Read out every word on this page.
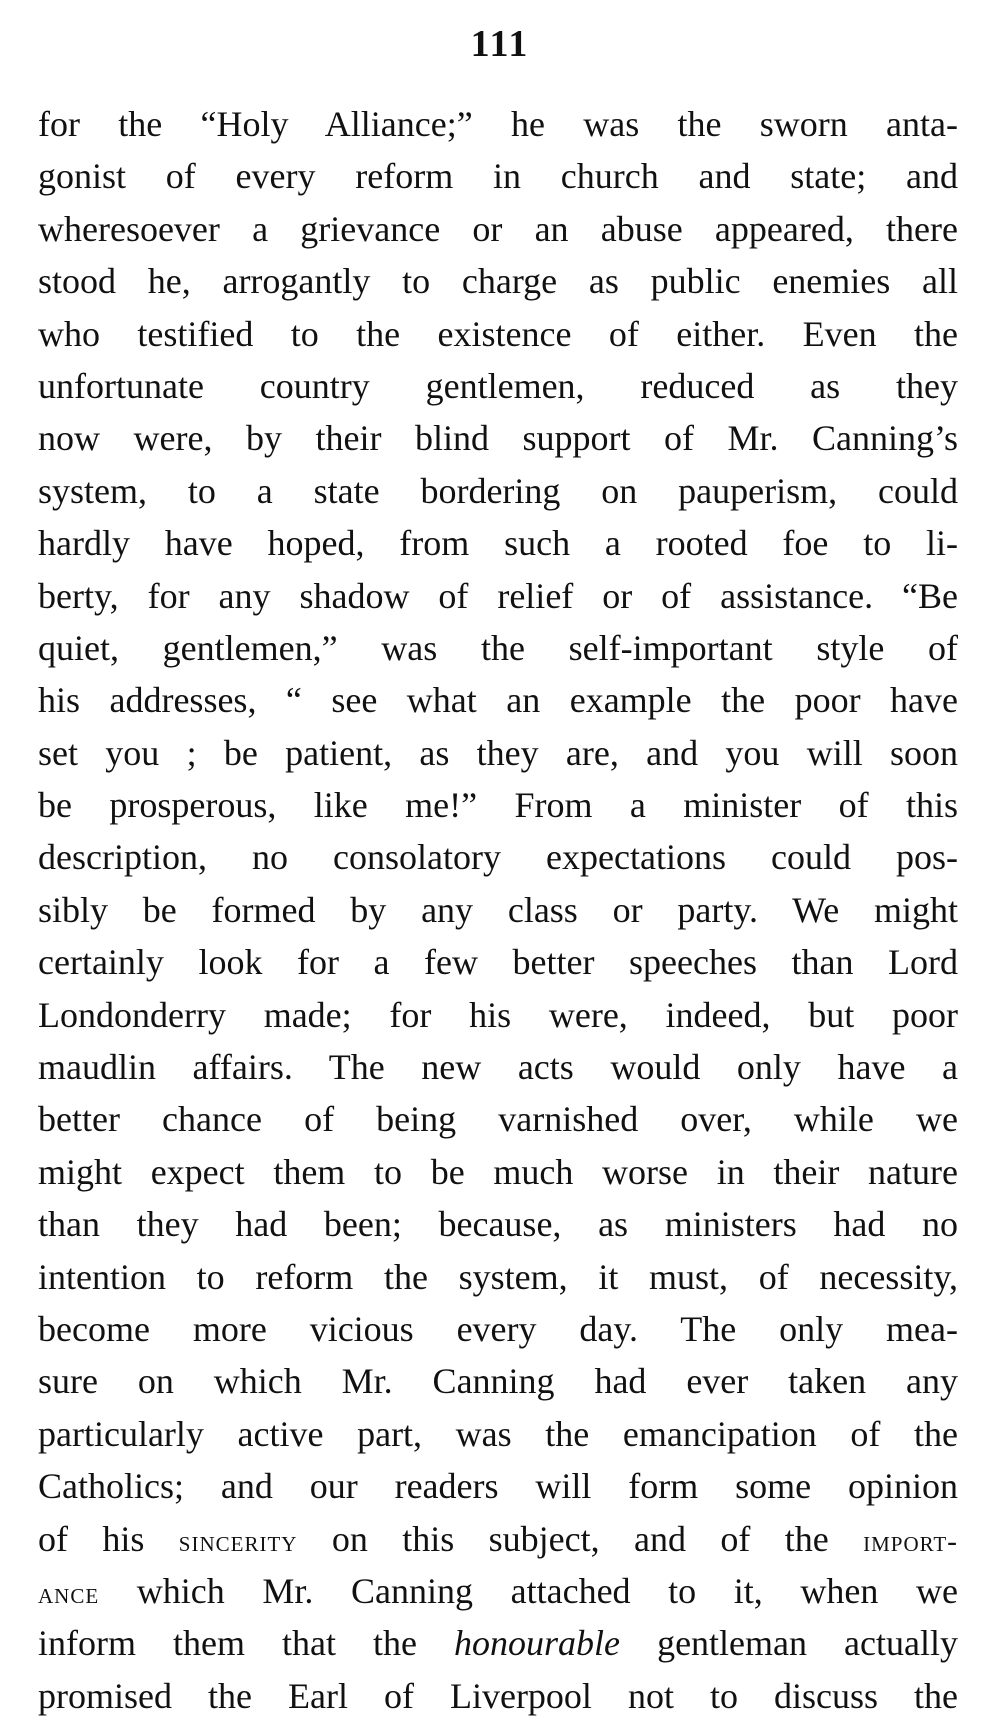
111
for the “Holy Alliance;” he was the sworn anta-
gonist of every reform in church and state; and
wheresoever a grievance or an abuse appeared, there
stood he, arrogantly to charge as public enemies all
who testified to the existence of either. Even the
unfortunate country gentlemen, reduced as they
now were, by their blind support of Mr. Canning’s
system, to a state bordering on pauperism, could
hardly have hoped, from such a rooted foe to li-
berty, for any shadow of relief or of assistance. “Be
quiet, gentlemen,” was the self-important style of
his addresses, “ see what an example the poor have
set you ; be patient, as they are, and you will soon
be prosperous, like me!” From a minister of this
description, no consolatory expectations could pos-
sibly be formed by any class or party. We might
certainly look for a few better speeches than Lord
Londonderry made; for his were, indeed, but poor
maudlin affairs. The new acts would only have a
better chance of being varnished over, while we
might expect them to be much worse in their nature
than they had been; because, as ministers had no
intention to reform the system, it must, of necessity,
become more vicious every day. The only mea-
sure on which Mr. Canning had ever taken any
particularly active part, was the emancipation of the
Catholics; and our readers will form some opinion
of his sincerity on this subject, and of the import-
ance which Mr. Canning attached to it, when we
inform them that the honourable gentleman actually
promised the Earl of Liverpool not to discuss the
